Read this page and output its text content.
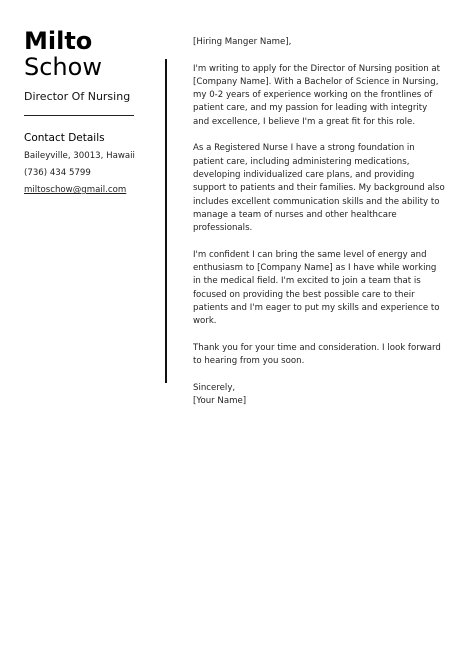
Milto
Schow
Director Of Nursing
Contact Details
Baileyville, 30013, Hawaii
(736) 434 5799
miltoschow@gmail.com

[Hiring Manger Name],

I'm writing to apply for the Director of Nursing position at [Company Name]. With a Bachelor of Science in Nursing, my 0-2 years of experience working on the frontlines of patient care, and my passion for leading with integrity and excellence, I believe I'm a great fit for this role.

As a Registered Nurse I have a strong foundation in patient care, including administering medications, developing individualized care plans, and providing support to patients and their families. My background also includes excellent communication skills and the ability to manage a team of nurses and other healthcare professionals.

I'm confident I can bring the same level of energy and enthusiasm to [Company Name] as I have while working in the medical field. I'm excited to join a team that is focused on providing the best possible care to their patients and I'm eager to put my skills and experience to work.

Thank you for your time and consideration. I look forward to hearing from you soon.

Sincerely,

[Your Name]
